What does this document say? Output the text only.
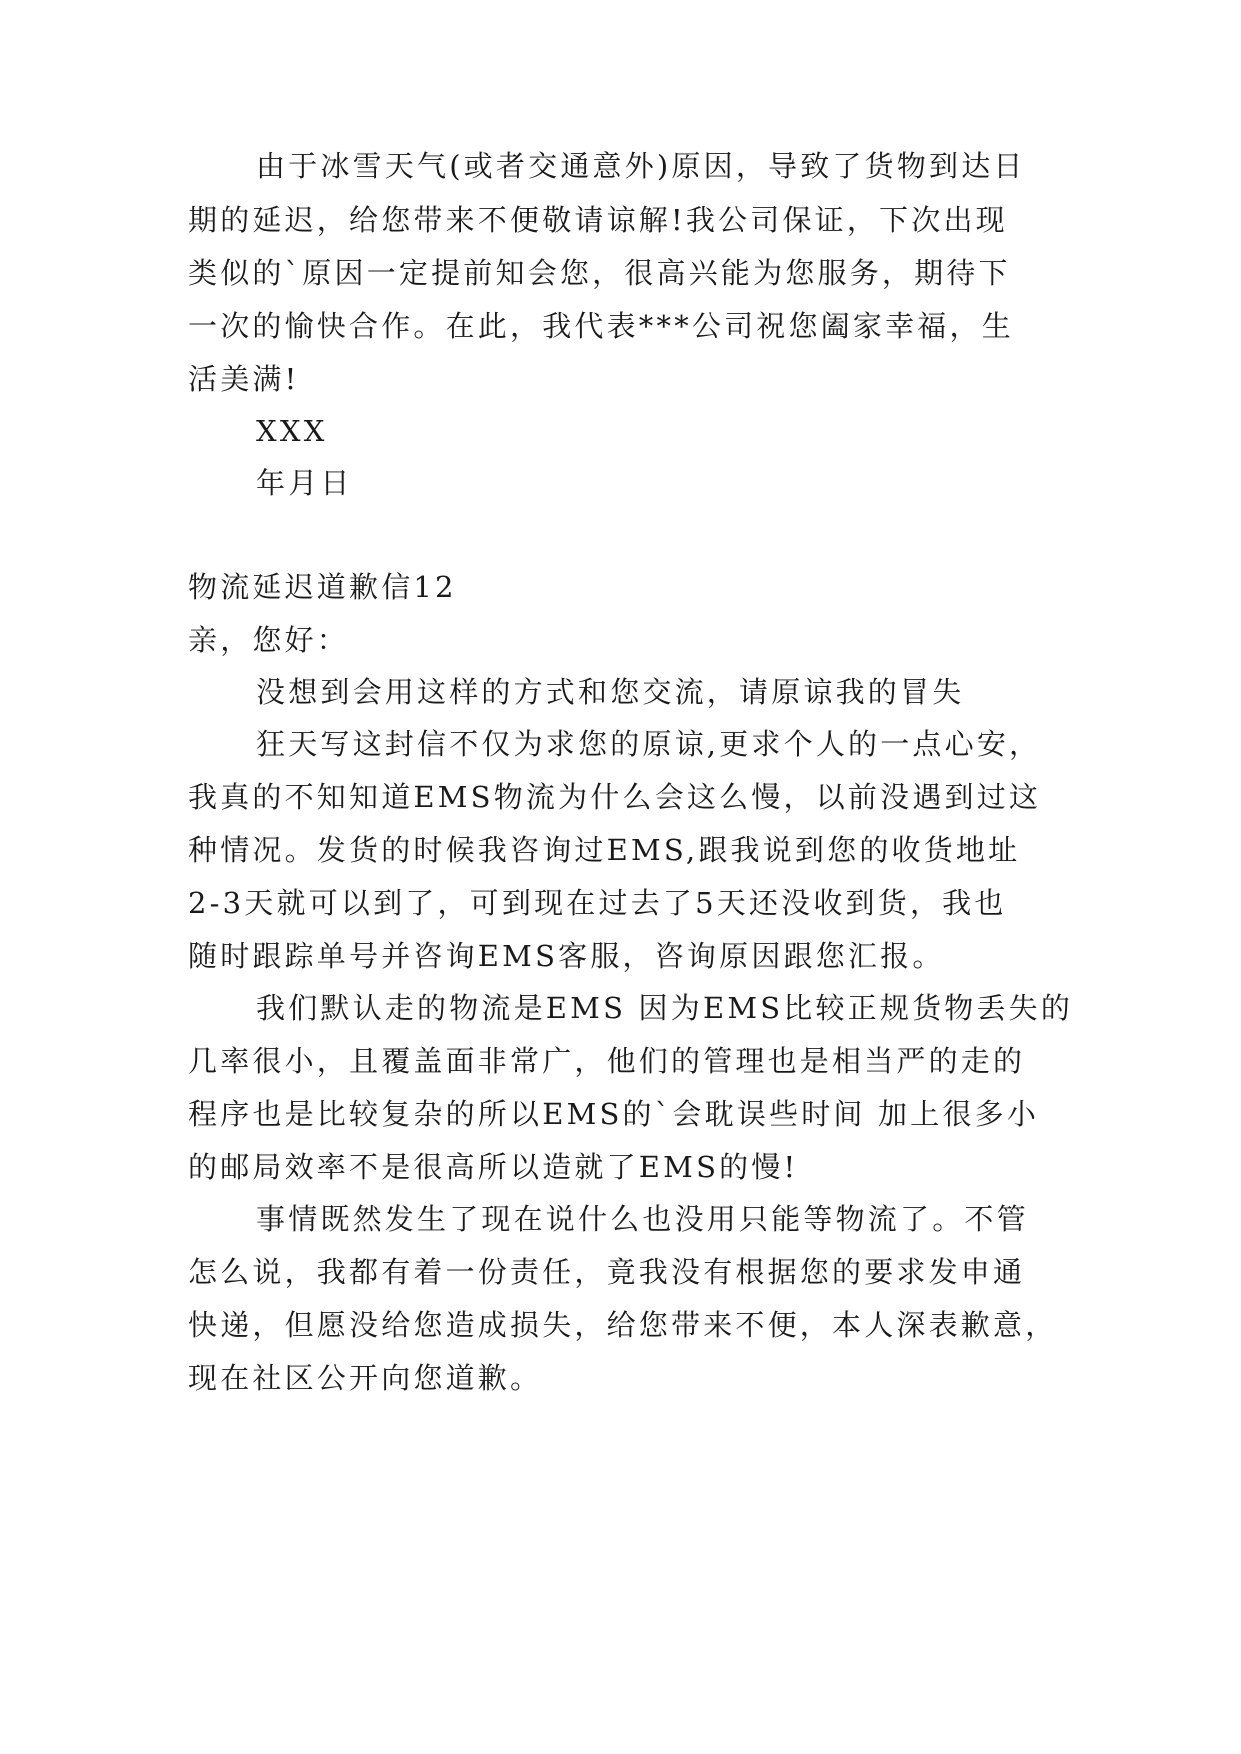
由于冰雪天气(或者交通意外)原因，导致了货物到达日
期的延迟，给您带来不便敬请谅解!我公司保证，下次出现
类似的`原因一定提前知会您，很高兴能为您服务，期待下
一次的愉快合作。在此，我代表***公司祝您阖家幸福，生
活美满!
XXX
年月日
物流延迟道歉信12
亲，您好：
没想到会用这样的方式和您交流，请原谅我的冒失
狂天写这封信不仅为求您的原谅,更求个人的一点心安，
我真的不知知道EMS物流为什么会这么慢，以前没遇到过这
种情况。发货的时候我咨询过EMS,跟我说到您的收货地址
2-3天就可以到了，可到现在过去了5天还没收到货，我也
随时跟踪单号并咨询EMS客服，咨询原因跟您汇报。
我们默认走的物流是EMS 因为EMS比较正规货物丢失的
几率很小，且覆盖面非常广，他们的管理也是相当严的走的
程序也是比较复杂的所以EMS的`会耽误些时间 加上很多小
的邮局效率不是很高所以造就了EMS的慢!
事情既然发生了现在说什么也没用只能等物流了。不管
怎么说，我都有着一份责任，竟我没有根据您的要求发申通
快递，但愿没给您造成损失，给您带来不便，本人深表歉意，
现在社区公开向您道歉。
